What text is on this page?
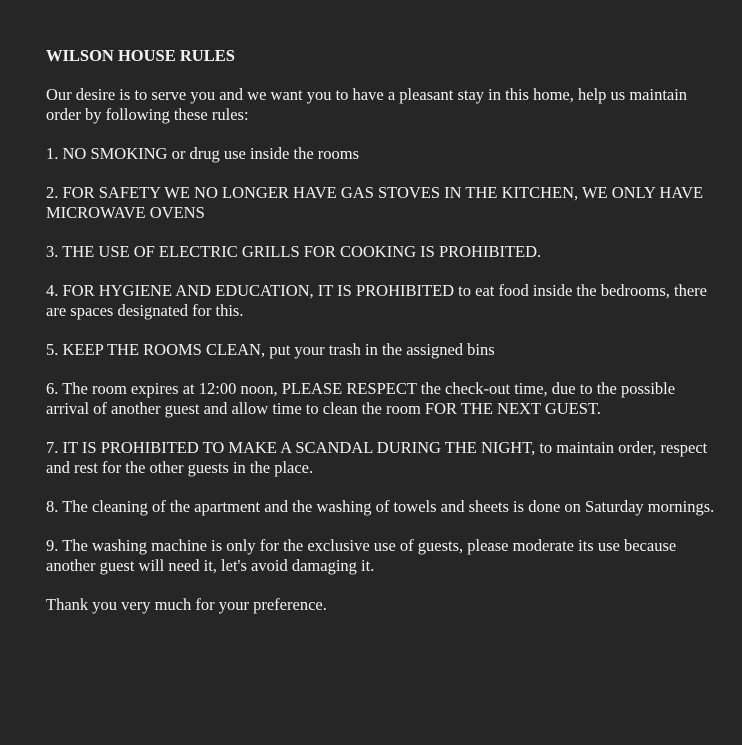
WILSON HOUSE RULES
Our desire is to serve you and we want you to have a pleasant stay in this home, help us maintain order by following these rules:
1. NO SMOKING or drug use inside the rooms
2. FOR SAFETY WE NO LONGER HAVE GAS STOVES IN THE KITCHEN, WE ONLY HAVE MICROWAVE OVENS
3. THE USE OF ELECTRIC GRILLS FOR COOKING IS PROHIBITED.
4. FOR HYGIENE AND EDUCATION, IT IS PROHIBITED to eat food inside the bedrooms, there are spaces designated for this.
5. KEEP THE ROOMS CLEAN, put your trash in the assigned bins
6. The room expires at 12:00 noon, PLEASE RESPECT the check-out time, due to the possible arrival of another guest and allow time to clean the room FOR THE NEXT GUEST.
7. IT IS PROHIBITED TO MAKE A SCANDAL DURING THE NIGHT, to maintain order, respect and rest for the other guests in the place.
8. The cleaning of the apartment and the washing of towels and sheets is done on Saturday mornings.
9. The washing machine is only for the exclusive use of guests, please moderate its use because another guest will need it, let's avoid damaging it.
Thank you very much for your preference.
